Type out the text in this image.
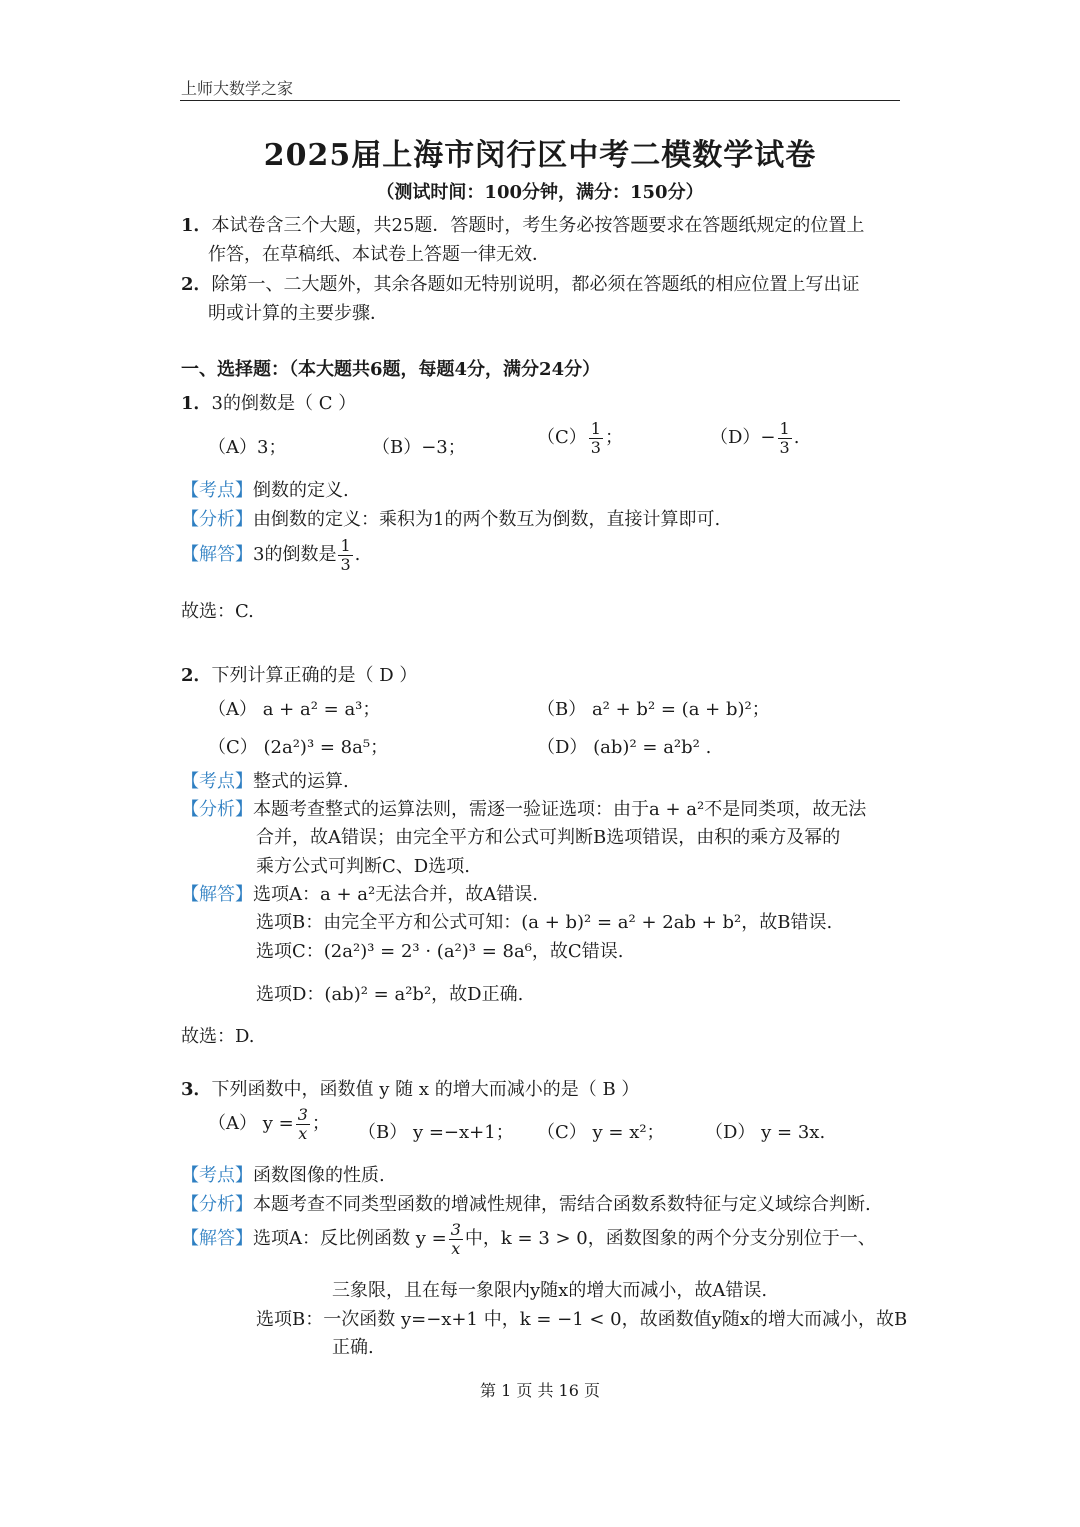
上师大数学之家
2025届上海市闵行区中考二模数学试卷
（测试时间：100分钟，满分：150分）
1．本试卷含三个大题，共25题．答题时，考生务必按答题要求在答题纸规定的位置上
作答，在草稿纸、本试卷上答题一律无效．
2．除第一、二大题外，其余各题如无特别说明，都必须在答题纸的相应位置上写出证
明或计算的主要步骤．
一、选择题：（本大题共6题，每题4分，满分24分）
1．3的倒数是（ C ）
（A）3；	（B）−3；	$(C) \frac{1}{3}$ ；	$(D)- \frac{1}{3}$ .
【考点】倒数的定义.
【分析】由倒数的定义：乘积为1的两个数互为倒数，直接计算即可.
【解答】3的倒数是 $\frac{1}{3}$ .
故选：C.
2．下列计算正确的是（ D ）
（A） a + a² = a³；	（B） a² + b² = (a + b)²；
（C） (2a²)³ = 8a⁵；	（D） (ab)² = a²b² .
【考点】整式的运算.
【分析】本题考查整式的运算法则，需逐一验证选项：由于a + a²不是同类项，故无法
合并，故A错误；由完全平方和公式可判断B选项错误，由积的乘方及幂的
乘方公式可判断C、D选项.
【解答】选项A：a + a²无法合并，故A错误.
选项B：由完全平方和公式可知：(a + b)² = a² + 2ab + b²，故B错误.
选项C：(2a²)³ = 2³ · (a²)³ = 8a⁶，故C错误.
选项D：(ab)² = a²b²，故D正确.
故选：D.
3．下列函数中，函数值 y 随 x 的增大而减小的是（ B ）
（A） $y = \frac{3}{x}$ ； （B） y =−x+1； （C） y = x²； （D） y = 3x.
【考点】函数图像的性质.
【分析】本题考查不同类型函数的增减性规律，需结合函数系数特征与定义域综合判断.
【解答】选项A：反比例函数 $y = \frac{3}{x}$ 中，k = 3 > 0，函数图象的两个分支分别位于一、
三象限，且在每一象限内y随x的增大而减小，故A错误.
选项B：一次函数 y=−x+1 中，k = −1 < 0，故函数值y随x的增大而减小，故B
正确.
第 1 页 共 16 页
